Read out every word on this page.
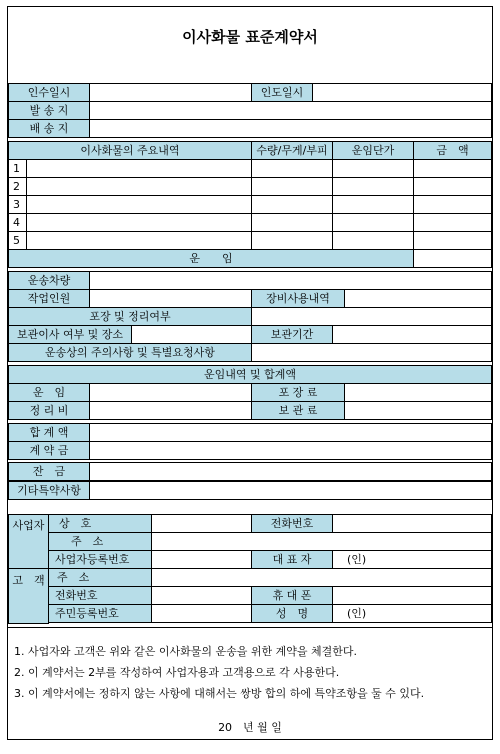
이사화물 표준계약서
인수일시	인도일시
발 송 지
배 송 지
이사화물의 주요내역	수량/무게/부피	운임단가	금　액
1
2
3
4
5
운　　임
운송차량
작업인원	장비사용내역
포장 및 정리여부
보관이사 여부 및 장소	보관기간
운송상의 주의사항 및 특별요청사항
운임내역 및 합계액
운　임	포 장 료
정 리 비	보 관 료
합 계 액
계 약 금
잔　금
기타특약사항
사업자	상　호	전화번호
주　소
사업자등록번호	대 표 자	(인)
고　객	주　소
전화번호	휴 대 폰
주민등록번호	성　명	(인)
1. 사업자와 고객은 위와 같은 이사화물의 운송을 위한 계약을 체결한다.
2. 이 계약서는 2부를 작성하여 사업자용과 고객용으로 각 사용한다.
3. 이 계약서에는 정하지 않는 사항에 대해서는 쌍방 합의 하에 특약조항을 둘 수 있다.
20　년 월 일
